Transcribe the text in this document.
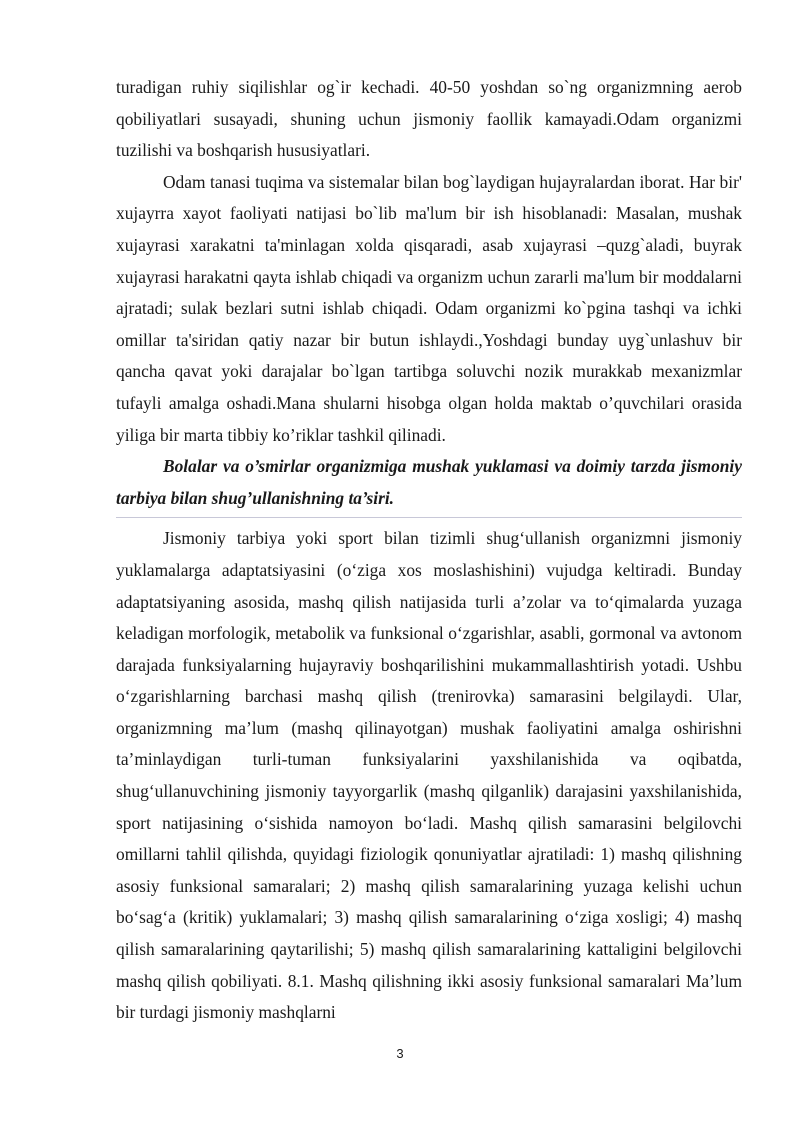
turadigan ruhiy siqilishlar og`ir kechadi. 40-50 yoshdan so`ng organizmning aerob qobiliyatlari susayadi, shuning uchun jismoniy faollik kamayadi.Odam organizmi tuzilishi va boshqarish hususiyatlari.

Odam tanasi tuqima va sistemalar bilan bog`laydigan hujayralardan iborat. Har bir' xujayrra xayot faoliyati natijasi bo`lib ma'lum bir ish hisoblanadi: Masalan, mushak xujayrasi xarakatni ta'minlagan xolda qisqaradi, asab xujayrasi –quzg`aladi, buyrak xujayrasi harakatni qayta ishlab chiqadi va organizm uchun zararli ma'lum bir moddalarni ajratadi; sulak bezlari sutni ishlab chiqadi. Odam organizmi ko`pgina tashqi va ichki omillar ta'siridan qatiy nazar bir butun ishlaydi.,Yoshdagi bunday uyg`unlashuv bir qancha qavat yoki darajalar bo`lgan tartibga soluvchi nozik murakkab mexanizmlar tufayli amalga oshadi.Mana shularni hisobga olgan holda maktab o’quvchilari orasida yiliga bir marta tibbiy ko’riklar tashkil qilinadi.

Bolalar va o’smirlar organizmiga mushak yuklamasi va doimiy tarzda jismoniy tarbiya bilan shug’ullanishning ta’siri.

Jismoniy tarbiya yoki sport bilan tizimli shug‘ullanish organizmni jismoniy yuklamalarga adaptatsiyasini (o‘ziga xos moslashishini) vujudga keltiradi. Bunday adaptatsiyaning asosida, mashq qilish natijasida turli a’zolar va to‘qimalarda yuzaga keladigan morfologik, metabolik va funksional o‘zgarishlar, asabli, gormonal va avtonom darajada funksiyalarning hujayraviy boshqarilishini mukammallashtirish yotadi. Ushbu o‘zgarishlarning barchasi mashq qilish (trenirovka) samarasini belgilaydi. Ular, organizmning ma’lum (mashq qilinayotgan) mushak faoliyatini amalga oshirishni ta’minlaydigan turli-tuman funksiyalarini yaxshilanishida va oqibatda, shug‘ullanuvchining jismoniy tayyorgarlik (mashq qilganlik) darajasini yaxshilanishida, sport natijasining o‘sishida namoyon bo‘ladi. Mashq qilish samarasini belgilovchi omillarni tahlil qilishda, quyidagi fiziologik qonuniyatlar ajratiladi: 1) mashq qilishning asosiy funksional samaralari; 2) mashq qilish samaralarining yuzaga kelishi uchun bo‘sag‘a (kritik) yuklamalari; 3) mashq qilish samaralarining o‘ziga xosligi; 4) mashq qilish samaralarining qaytarilishi; 5) mashq qilish samaralarining kattaligini belgilovchi mashq qilish qobiliyati. 8.1. Mashq qilishning ikki asosiy funksional samaralari Ma’lum bir turdagi jismoniy mashqlarni

3
